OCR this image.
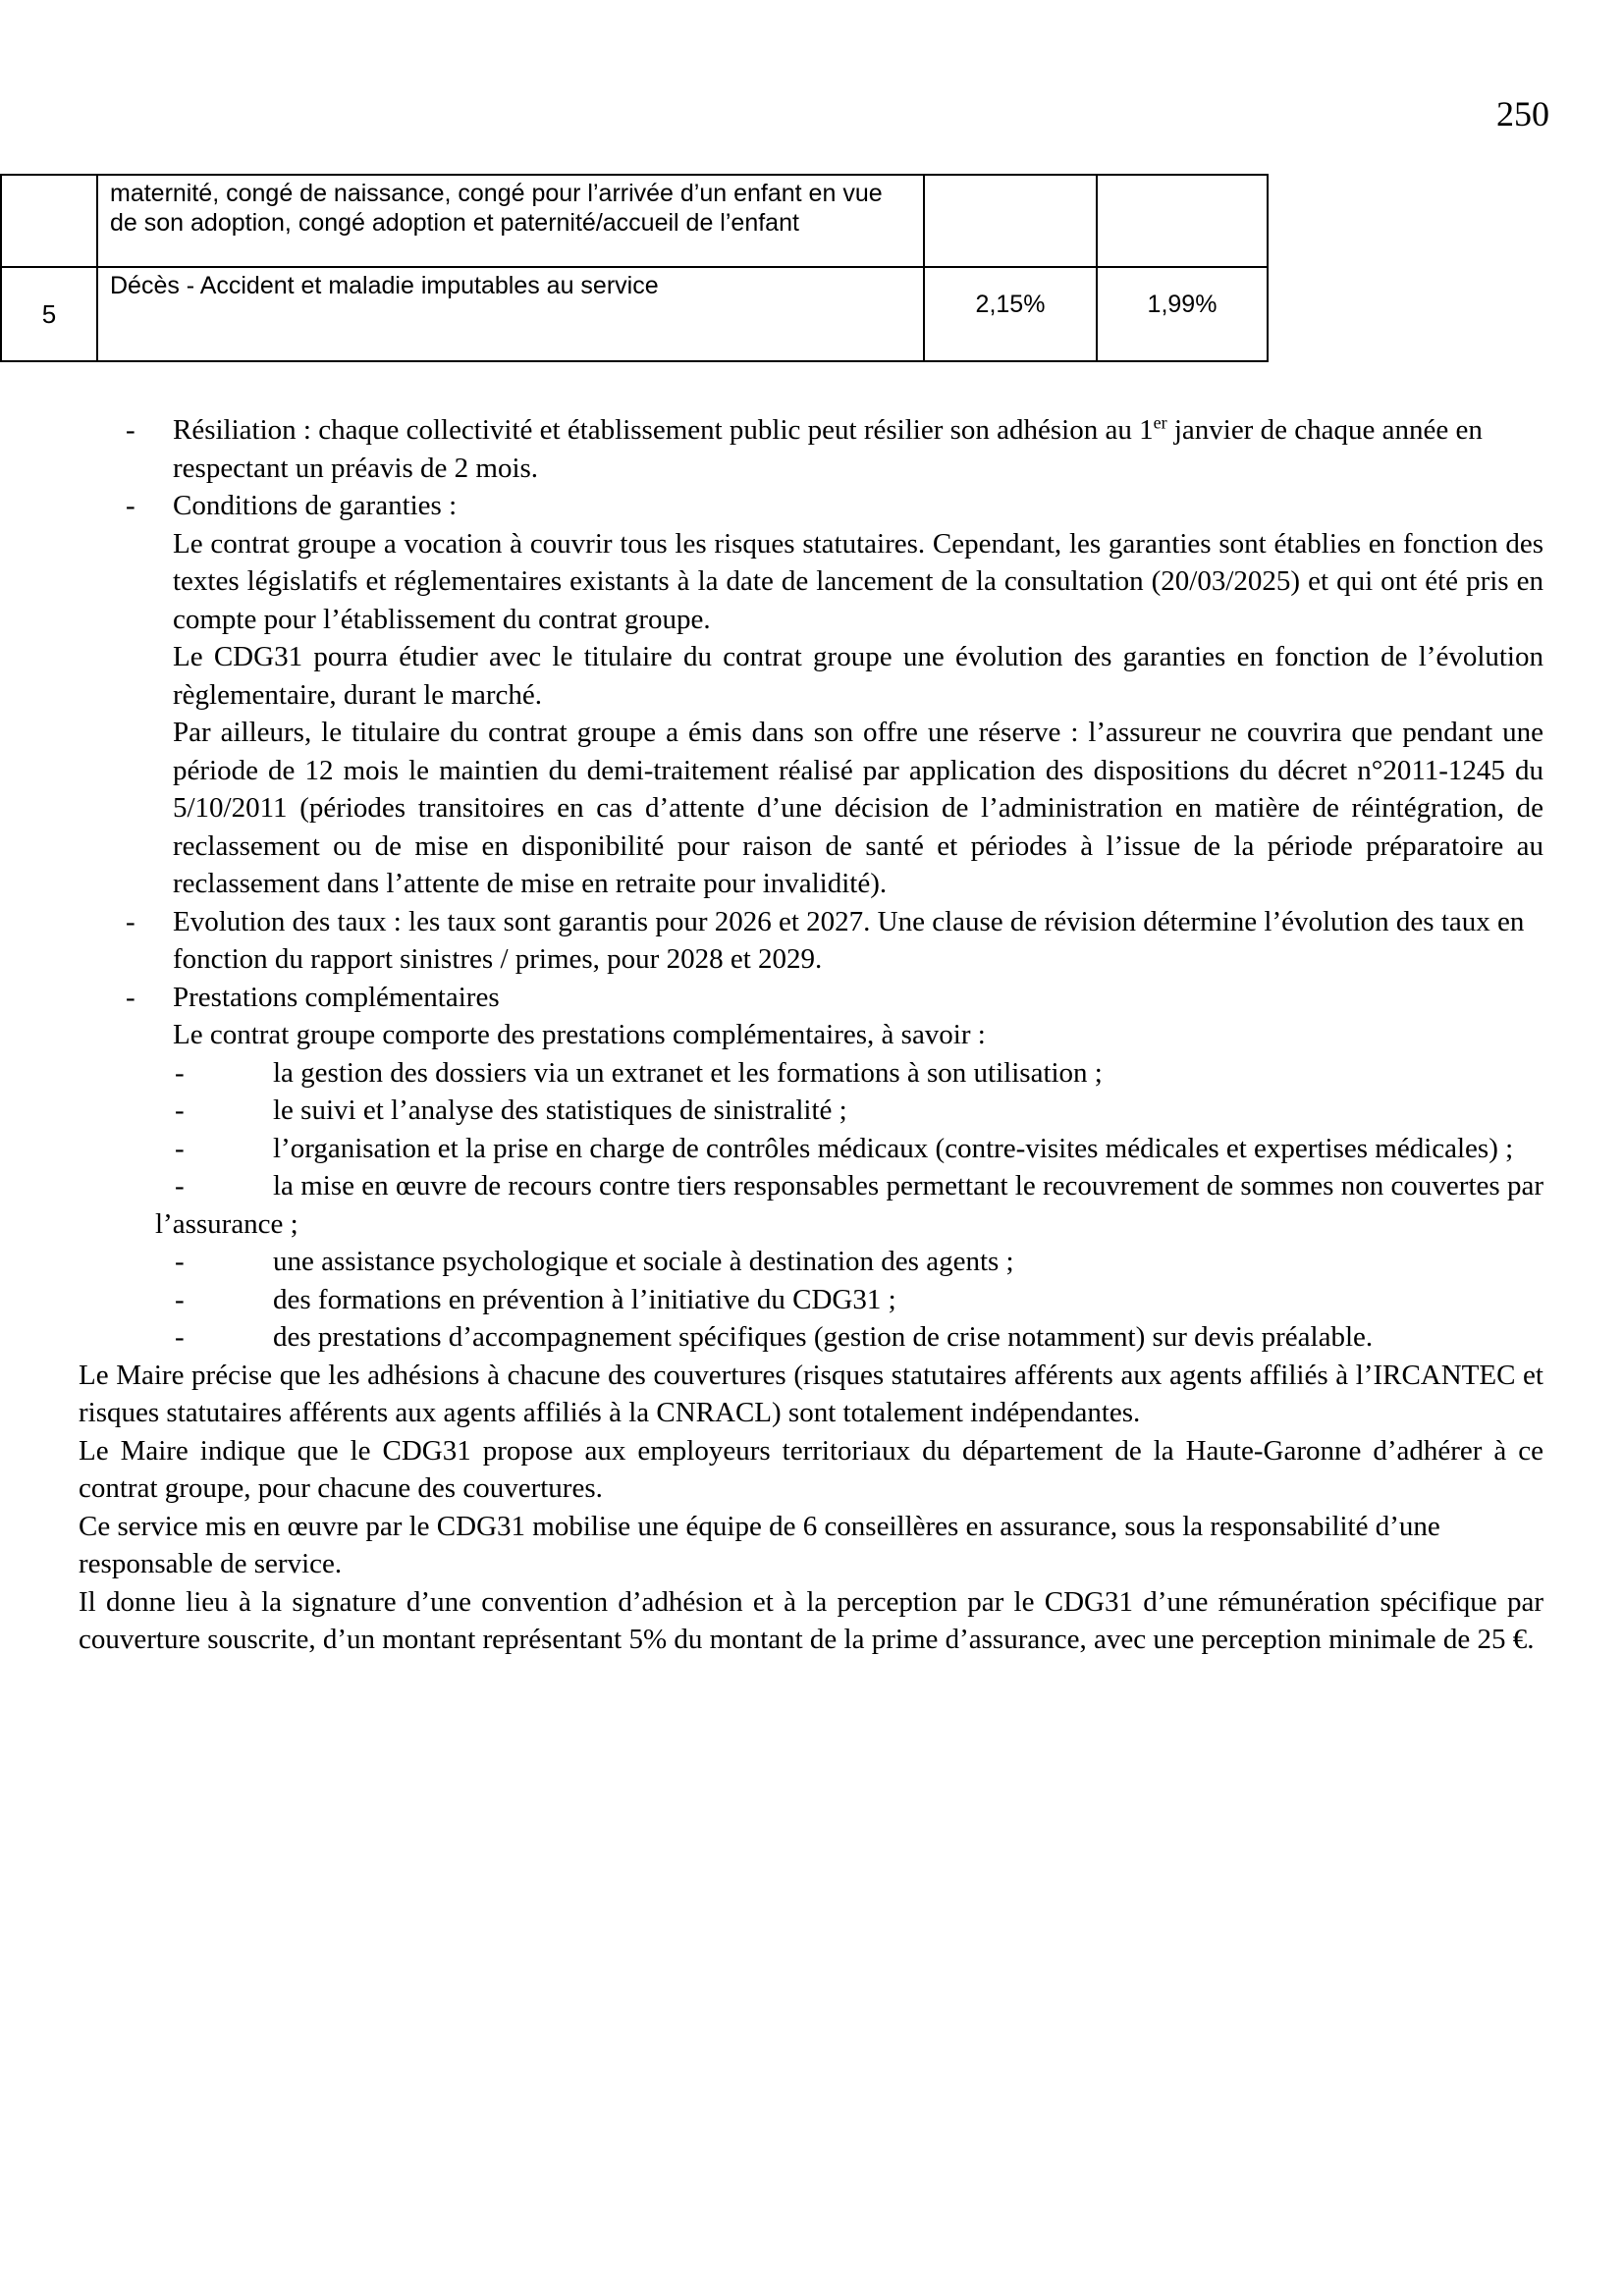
250
	maternité, congé de naissance, congé pour l’arrivée d’un enfant en vue de son adoption, congé adoption et paternité/accueil de l’enfant		
5	Décès - Accident et maladie imputables au service	2,15%	1,99%

- Résiliation : chaque collectivité et établissement public peut résilier son adhésion au 1er janvier de chaque année en respectant un préavis de 2 mois.

- Conditions de garanties :

Le contrat groupe a vocation à couvrir tous les risques statutaires. Cependant, les garanties sont établies en fonction des textes législatifs et réglementaires existants à la date de lancement de la consultation (20/03/2025) et qui ont été pris en compte pour l’établissement du contrat groupe.

Le CDG31 pourra étudier avec le titulaire du contrat groupe une évolution des garanties en fonction de l’évolution règlementaire, durant le marché.

Par ailleurs, le titulaire du contrat groupe a émis dans son offre une réserve : l’assureur ne couvrira que pendant une période de 12 mois le maintien du demi-traitement réalisé par application des dispositions du décret n°2011-1245 du 5/10/2011 (périodes transitoires en cas d’attente d’une décision de l’administration en matière de réintégration, de reclassement ou de mise en disponibilité pour raison de santé et périodes à l’issue de la période préparatoire au reclassement dans l’attente de mise en retraite pour invalidité).

- Evolution des taux : les taux sont garantis pour 2026 et 2027. Une clause de révision détermine l’évolution des taux en fonction du rapport sinistres / primes, pour 2028 et 2029.

- Prestations complémentaires

Le contrat groupe comporte des prestations complémentaires, à savoir :

-	la gestion des dossiers via un extranet et les formations à son utilisation ;

-	le suivi et l’analyse des statistiques de sinistralité ;

-	l’organisation et la prise en charge de contrôles médicaux (contre-visites médicales et expertises médicales) ;

-	la mise en œuvre de recours contre tiers responsables permettant le recouvrement de sommes non couvertes par l’assurance ;

-	une assistance psychologique et sociale à destination des agents ;

-	des formations en prévention à l’initiative du CDG31 ;

-	des prestations d’accompagnement spécifiques (gestion de crise notamment) sur devis préalable.

Le Maire précise que les adhésions à chacune des couvertures (risques statutaires afférents aux agents affiliés à l’IRCANTEC et risques statutaires afférents aux agents affiliés à la CNRACL) sont totalement indépendantes.

Le Maire indique que le CDG31 propose aux employeurs territoriaux du département de la Haute-Garonne d’adhérer à ce contrat groupe, pour chacune des couvertures.

Ce service mis en œuvre par le CDG31 mobilise une équipe de 6 conseillères en assurance, sous la responsabilité d’une responsable de service.

Il donne lieu à la signature d’une convention d’adhésion et à la perception par le CDG31 d’une rémunération spécifique par couverture souscrite, d’un montant représentant 5% du montant de la prime d’assurance, avec une perception minimale de 25 €.
